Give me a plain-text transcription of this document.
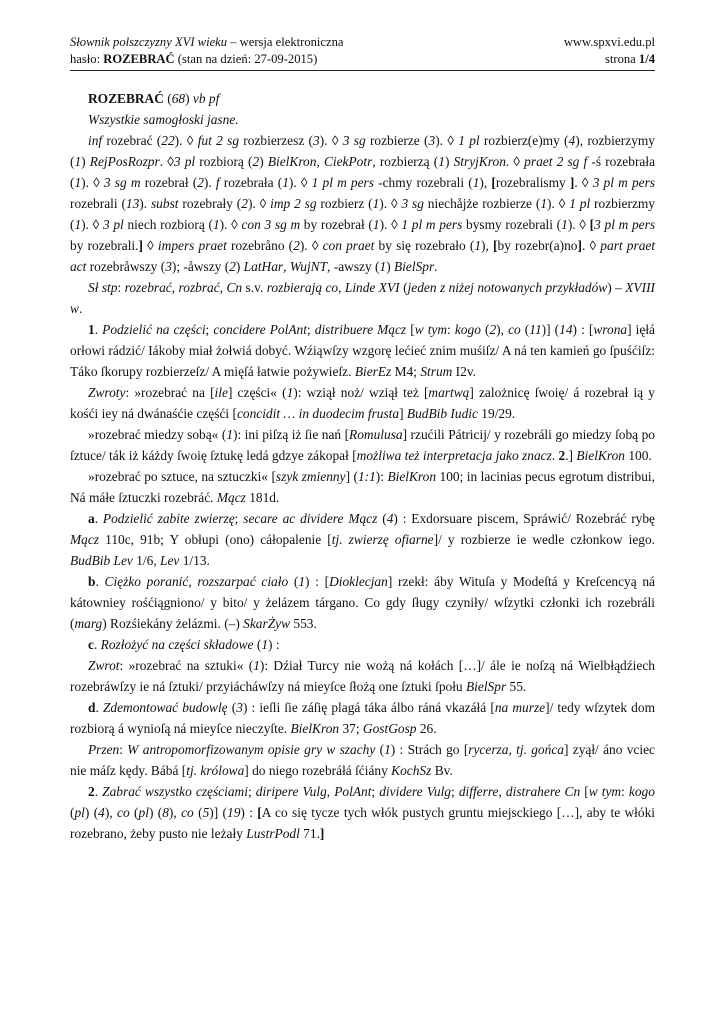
Słownik polszczyzny XVI wieku – wersja elektroniczna	www.spxvi.edu.pl
hasło: ROZEBRAĆ (stan na dzień: 27-09-2015)	strona 1/4

ROZEBRAĆ (68) vb pf

Wszystkie samogłoski jasne.

inf rozebrać (22). ◊ fut 2 sg rozbierzesz (3). ◊ 3 sg rozbierze (3). ◊ 1 pl rozbierz(e)my (4), rozbierzymy (1) RejPosRozpr. ◊3 pl rozbiorą (2) BielKron, CiekPotr, rozbierzą (1) StryjKron. ◊ praet 2 sg f -ś rozebrała (1). ◊ 3 sg m rozebrał (2). f rozebrała (1). ◊ 1 pl m pers -chmy rozebrali (1), [rozebralismy ]. ◊ 3 pl m pers rozebrali (13). subst rozebrały (2). ◊ imp 2 sg rozbierz (1). ◊ 3 sg niechåjże rozbierze (1). ◊ 1 pl rozbierzmy (1). ◊ 3 pl niech rozbiorą (1). ◊ con 3 sg m by rozebrał (1). ◊ 1 pl m pers bysmy rozebrali (1). ◊ [3 pl m pers by rozebrali.] ◊ impers praet rozebråno (2). ◊ con praet by się rozebrało (1), [by rozebr(a)no]. ◊ part praet act rozebråwszy (3); -åwszy (2) LatHar, WujNT, -awszy (1) BielSpr.

Sł stp: rozebrać, rozbrać, Cn s.v. rozbierają co, Linde XVI (jeden z niżej notowanych przykładów) – XVIII w.

1. Podzielić na części; concidere PolAnt; distribuere Mącz [w tym: kogo (2), co (11)] (14) : [wrona] ięłá orłowi rádzić/ Iákoby miał żołwiá dobyć. Wźiąwſzy wzgorę lećieć znim muśiſz/ A ná ten kamień go ſpuśćiſz: Táko ſkorupy rozbierzeſz/ A mięſá łatwie pożywieſz. BierEz M4; Strum I2v.

Zwroty: »rozebrać na [ile] części« (1): wziął noż/ wziął też [martwą] zalożnicę ſwoię/ á rozebrał ią y kośći iey ná dwánaśćie częśći [concidit … in duodecim frusta] BudBib Iudic 19/29.

»rozebrać miedzy sobą« (1): ini piſzą iż ſie nań [Romulusa] rzućili Pátricij/ y rozebráli go miedzy ſobą po ſztuce/ ták iż káżdy ſwoię ſztukę ledá gdzye zákopał [możliwa też interpretacja jako znacz. 2.] BielKron 100.

»rozebrać po sztuce, na sztuczki« [szyk zmienny] (1:1): BielKron 100; in lacinias pecus egrotum distribui, Ná máłe ſztuczki rozebráć. Mącz 181d.

a. Podzielić zabite zwierzę; secare ac dividere Mącz (4) : Exdorsuare piscem, Spráwić/ Rozebráć rybę Mącz 110c, 91b; Y obłupi (ono) cáłopalenie [tj. zwierzę ofiarne]/ y rozbierze ie wedle członkow iego. BudBib Lev 1/6, Lev 1/13.

b. Ciężko poranić, rozszarpać ciało (1) : [Dioklecjan] rzekł: áby Wituſa y Modeſtá y Kreſcencyą ná kátowniey rośćiągniono/ y bito/ y żelázem tárgano. Co gdy ſługy czyniły/ wſzytki członki ich rozebráli (marg) Rozśiekány żelázmi. (–) SkarŻyw 553.

c. Rozłożyć na części składowe (1) :

Zwrot: »rozebrać na sztuki« (1): Dźiał Turcy nie wożą ná kołách […]/ ále ie noſzą ná Wielbłądźiech rozebráwſzy ie ná ſztuki/ przyiácháwſzy ná mieyſce ſłożą one ſztuki ſpołu BielSpr 55.

d. Zdemontować budowlę (3) : ieſli ſie záſię plagá táka álbo ráná vkazáłá [na murze]/ tedy wſzytek dom rozbiorą á wynioſą ná mieyſce nieczyſte. BielKron 37; GostGosp 26.

Przen: W antropomorfizowanym opisie gry w szachy (1) : Strách go [rycerza, tj. gońca] zyął/ áno vciec nie máſz kędy. Bábá [tj. królowa] do niego rozebráłá ſćiány KochSz Bv.

2. Zabrać wszystko częściami; diripere Vulg, PolAnt; dividere Vulg; differre, distrahere Cn [w tym: kogo (pl) (4), co (pl) (8), co (5)] (19) : [A co się tycze tych włók pustych gruntu miejsckiego […], aby te włóki rozebrano, żeby pusto nie leżały LustrPodl 71.]
